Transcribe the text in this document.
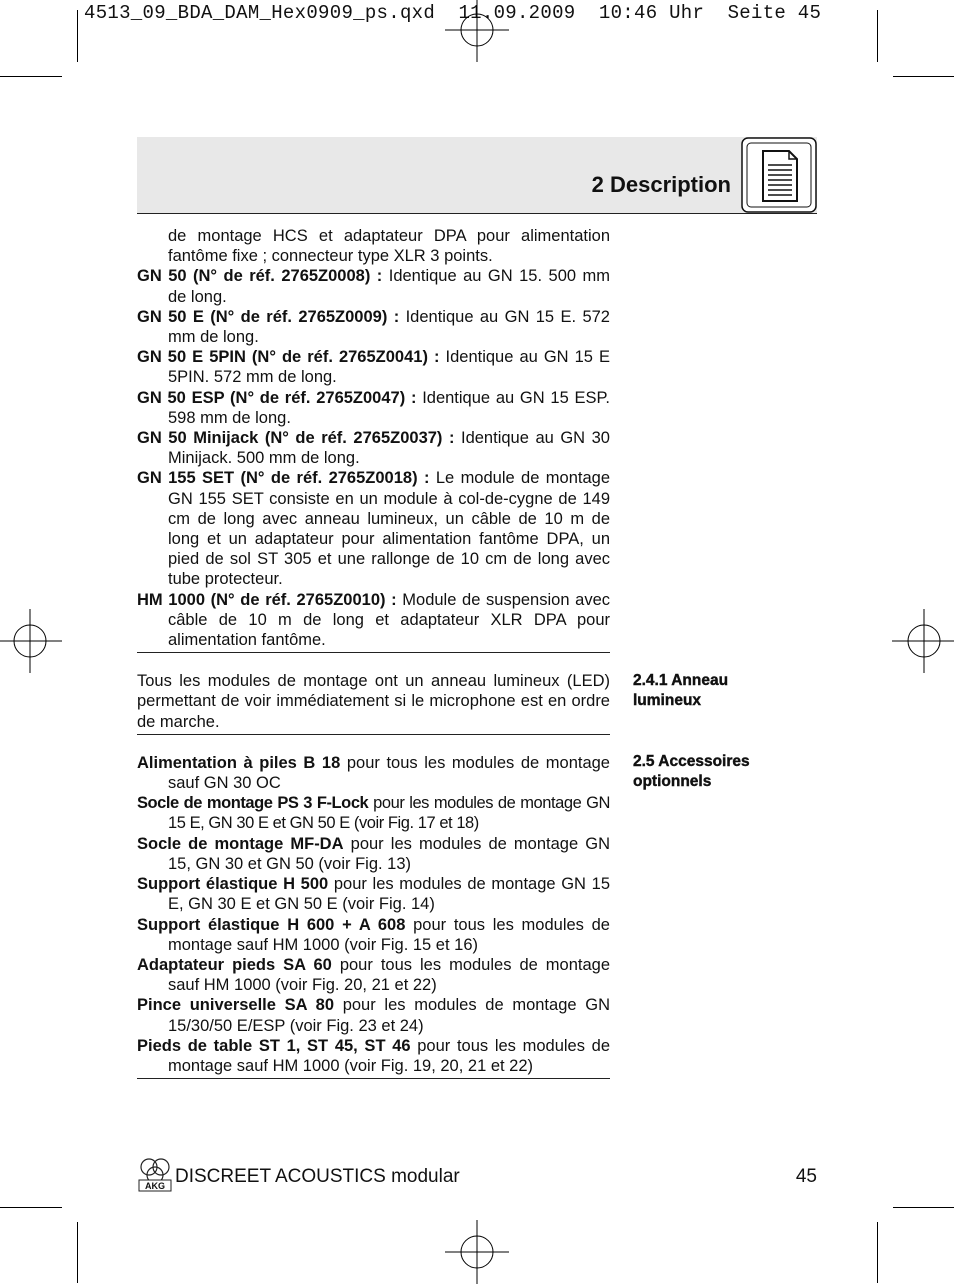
4513_09_BDA_DAM_Hex0909_ps.qxd  11.09.2009  10:46 Uhr  Seite 45
2 Description
de montage HCS et adaptateur DPA pour alimentation fantôme fixe ; connecteur type XLR 3 points.
GN 50 (N° de réf. 2765Z0008) : Identique au GN 15. 500 mm de long.
GN 50 E (N° de réf. 2765Z0009) : Identique au GN 15 E. 572 mm de long.
GN 50 E 5PIN (N° de réf. 2765Z0041) : Identique au GN 15 E 5PIN. 572 mm de long.
GN 50 ESP (N° de réf. 2765Z0047) : Identique au GN 15 ESP. 598 mm de long.
GN 50 Minijack (N° de réf. 2765Z0037) : Identique au GN 30 Minijack. 500 mm de long.
GN 155 SET (N° de réf. 2765Z0018) : Le module de montage GN 155 SET consiste en un module à col-de-cygne de 149 cm de long avec anneau lumineux, un câble de 10 m de long et un adaptateur pour alimentation fantôme DPA, un pied de sol ST 305 et une rallonge de 10 cm de long avec tube protecteur.
HM 1000 (N° de réf. 2765Z0010) : Module de suspension avec câble de 10 m de long et adaptateur XLR DPA pour alimentation fantôme.
Tous les modules de montage ont un anneau lumineux (LED) permettant de voir immédiatement si le microphone est en ordre de marche.
Alimentation à piles B 18 pour tous les modules de montage sauf GN 30 OC
Socle de montage PS 3 F-Lock pour les modules de montage GN 15 E, GN 30 E et GN 50 E (voir Fig. 17 et 18)
Socle de montage MF-DA pour les modules de montage GN 15, GN 30 et GN 50 (voir Fig. 13)
Support élastique H 500 pour les modules de montage GN 15 E, GN 30 E et GN 50 E (voir Fig. 14)
Support élastique H 600 + A 608 pour tous les modules de montage sauf HM 1000 (voir Fig. 15 et 16)
Adaptateur pieds SA 60 pour tous les modules de montage sauf HM 1000 (voir Fig. 20, 21 et 22)
Pince universelle SA 80 pour les modules de montage GN 15/30/50 E/ESP (voir Fig. 23 et 24)
Pieds de table ST 1, ST 45, ST 46 pour tous les modules de montage sauf HM 1000 (voir Fig. 19, 20, 21 et 22)
2.4.1 Anneau
lumineux
2.5 Accessoires
optionnels
AKG DISCREET ACOUSTICS modular	45
